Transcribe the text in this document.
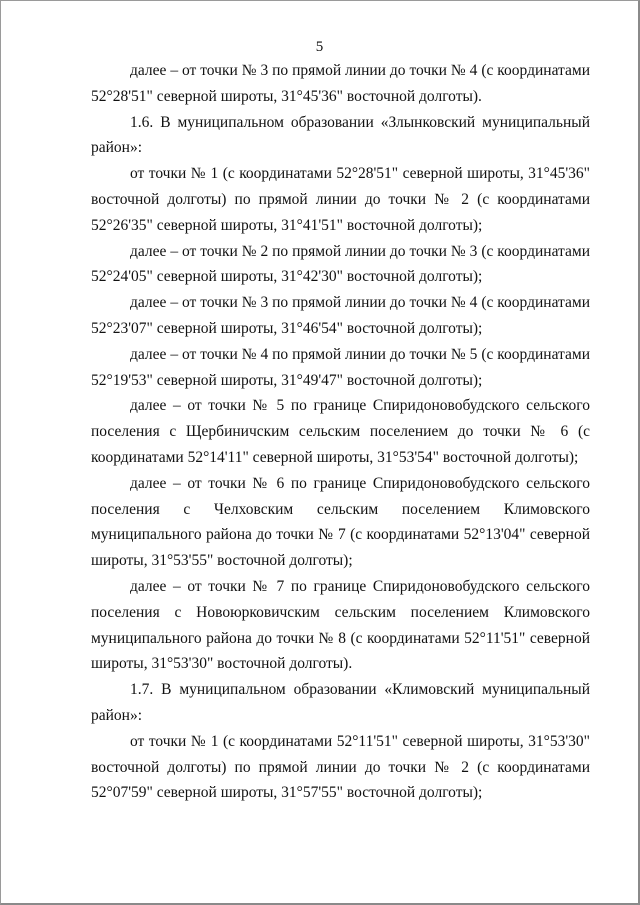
5

далее – от точки № 3 по прямой линии до точки № 4 (с координатами 52°28'51" северной широты, 31°45'36" восточной долготы).

1.6. В муниципальном образовании «Злынковский муниципальный район»:

от точки № 1 (с координатами 52°28'51" северной широты, 31°45'36" восточной долготы) по прямой линии до точки № 2 (с координатами 52°26'35" северной широты, 31°41'51" восточной долготы);

далее – от точки № 2 по прямой линии до точки № 3 (с координатами 52°24'05" северной широты, 31°42'30" восточной долготы);

далее – от точки № 3 по прямой линии до точки № 4 (с координатами 52°23'07" северной широты, 31°46'54" восточной долготы);

далее – от точки № 4 по прямой линии до точки № 5 (с координатами 52°19'53" северной широты, 31°49'47" восточной долготы);

далее – от точки № 5 по границе Спиридоновобудского сельского поселения с Щербиничским сельским поселением до точки № 6 (с координатами 52°14'11" северной широты, 31°53'54" восточной долготы);

далее – от точки № 6 по границе Спиридоновобудского сельского поселения с Челховским сельским поселением Климовского муниципального района до точки № 7 (с координатами 52°13'04" северной широты, 31°53'55" восточной долготы);

далее – от точки № 7 по границе Спиридоновобудского сельского поселения с Новоюрковичским сельским поселением Климовского муниципального района до точки № 8 (с координатами 52°11'51" северной широты, 31°53'30" восточной долготы).

1.7. В муниципальном образовании «Климовский муниципальный район»:

от точки № 1 (с координатами 52°11'51" северной широты, 31°53'30" восточной долготы) по прямой линии до точки № 2 (с координатами 52°07'59" северной широты, 31°57'55" восточной долготы);
